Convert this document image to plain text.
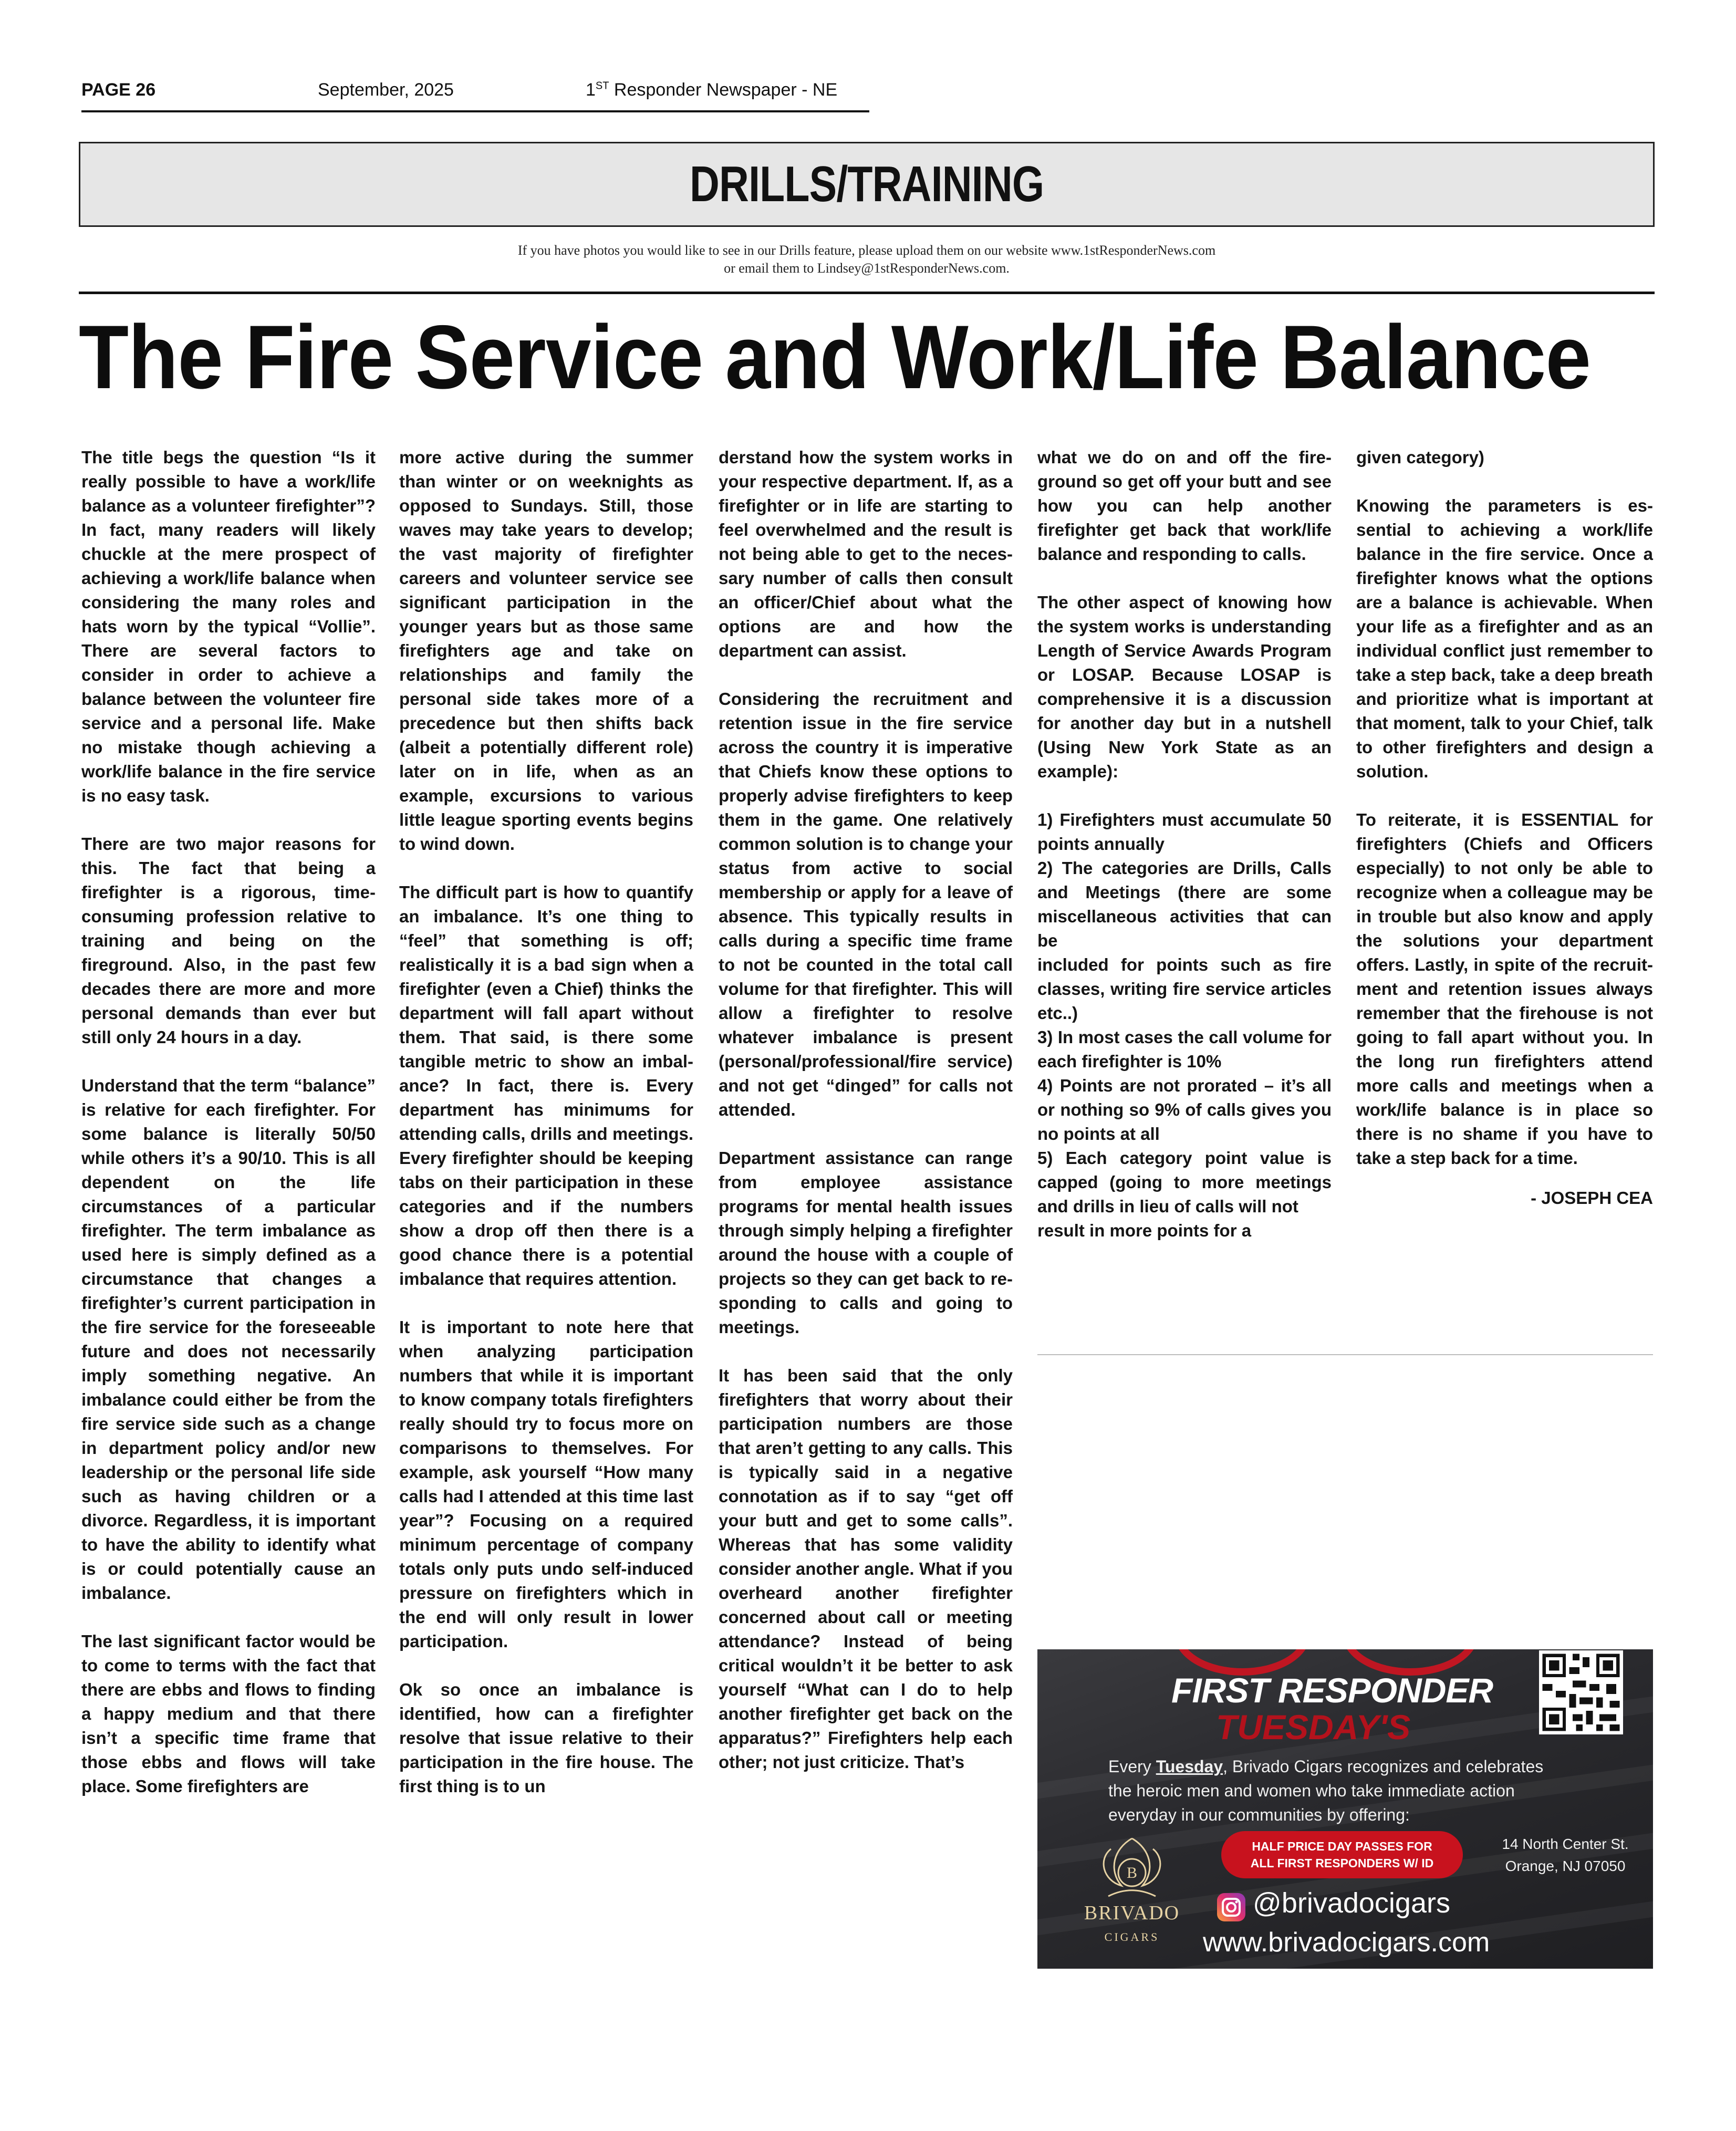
PAGE 26	September, 2025	1ST Responder Newspaper - NE
DRILLS/TRAINING
If you have photos you would like to see in our Drills feature, please upload them on our website www.1stResponderNews.com
or email them to Lindsey@1stResponderNews.com.
The Fire Service and Work/Life Balance

The title begs the question “Is it really possible to have a work/life balance as a volunteer firefighter”? In fact, many readers will likely chuckle at the mere prospect of achieving a work/life balance when considering the many roles and hats worn by the typical “Vollie”. There are several factors to consider in order to achieve a balance between the volunteer fire service and a personal life. Make no mistake though achieving a work/life balance in the fire service is no easy task.

There are two major reasons for this. The fact that being a firefighter is a rigorous, time-consuming profession relative to training and being on the fireground. Also, in the past few decades there are more and more personal demands than ever but still only 24 hours in a day.

Understand that the term “balance” is relative for each firefighter. For some balance is literally 50/50 while others it’s a 90/10. This is all dependent on the life circumstances of a particular firefighter. The term imbalance as used here is simply defined as a circumstance that changes a firefighter’s current participation in the fire service for the foreseeable future and does not necessarily imply something negative. An imbalance could either be from the fire service side such as a change in department policy and/or new leadership or the personal life side such as having children or a divorce. Regardless, it is important to have the ability to identify what is or could potentially cause an imbalance.

The last significant factor would be to come to terms with the fact that there are ebbs and flows to finding a happy medium and that there isn’t a specific time frame that those ebbs and flows will take place. Some firefighters are

more active during the summer than winter or on weeknights as opposed to Sundays. Still, those waves may take years to develop; the vast majority of firefighter careers and volunteer service see significant participation in the younger years but as those same firefighters age and take on relationships and family the personal side takes more of a precedence but then shifts back (albeit a potentially different role) later on in life, when as an example, excursions to various little league sporting events begins to wind down.

The difficult part is how to quantify an imbalance. It’s one thing to “feel” that something is off; realistically it is a bad sign when a firefighter (even a Chief) thinks the department will fall apart without them. That said, is there some tangible metric to show an imbalance? In fact, there is. Every department has minimums for attending calls, drills and meetings. Every firefighter should be keeping tabs on their participation in these categories and if the numbers show a drop off then there is a good chance there is a potential imbalance that requires attention.

It is important to note here that when analyzing participation numbers that while it is important to know company totals firefighters really should try to focus more on comparisons to themselves. For example, ask yourself “How many calls had I attended at this time last year”? Focusing on a required minimum percentage of company totals only puts undo self-induced pressure on firefighters which in the end will only result in lower participation.

Ok so once an imbalance is identified, how can a firefighter resolve that issue relative to their participation in the fire house. The first thing is to un

derstand how the system works in your respective department. If, as a firefighter or in life are starting to feel overwhelmed and the result is not being able to get to the necessary number of calls then consult an officer/Chief about what the options are and how the department can assist.

Considering the recruitment and retention issue in the fire service across the country it is imperative that Chiefs know these options to properly advise firefighters to keep them in the game. One relatively common solution is to change your status from active to social membership or apply for a leave of absence. This typically results in calls during a specific time frame to not be counted in the total call volume for that firefighter. This will allow a firefighter to resolve whatever imbalance is present (personal/professional/fire service) and not get “dinged” for calls not attended.

Department assistance can range from employee assistance programs for mental health issues through simply helping a firefighter around the house with a couple of projects so they can get back to responding to calls and going to meetings.

It has been said that the only firefighters that worry about their participation numbers are those that aren’t getting to any calls. This is typically said in a negative connotation as if to say “get off your butt and get to some calls”. Whereas that has some validity consider another angle. What if you overheard another firefighter concerned about call or meeting attendance? Instead of being critical wouldn’t it be better to ask yourself “What can I do to help another firefighter get back on the apparatus?” Firefighters help each other; not just criticize. That’s

what we do on and off the fireground so get off your butt and see how you can help another firefighter get back that work/life balance and responding to calls.

The other aspect of knowing how the system works is understanding Length of Service Awards Program or LOSAP. Because LOSAP is comprehensive it is a discussion for another day but in a nutshell (Using New York State as an example):

1) Firefighters must accumulate 50 points annually

2) The categories are Drills, Calls and Meetings (there are some miscellaneous activities that can be

included for points such as fire classes, writing fire service articles etc..)

3) In most cases the call volume for each firefighter is 10%

4) Points are not prorated – it’s all or nothing so 9% of calls gives you no points at all

5) Each category point value is capped (going to more meetings and drills in lieu of calls will not

result in more points for a

given category)

Knowing the parameters is essential to achieving a work/life balance in the fire service. Once a firefighter knows what the options are a balance is achievable. When your life as a firefighter and as an individual conflict just remember to take a step back, take a deep breath and prioritize what is important at that moment, talk to your Chief, talk to other firefighters and design a solution.

To reiterate, it is ESSENTIAL for firefighters (Chiefs and Officers especially) to not only be able to recognize when a colleague may be in trouble but also know and apply the solutions your department offers. Lastly, in spite of the recruitment and retention issues always remember that the firehouse is not going to fall apart without you. In the long run firefighters attend more calls and meetings when a work/life balance is in place so there is no shame if you have to take a step back for a time.

- JOSEPH CEA

FIRST RESPONDER
TUESDAY'S
Every Tuesday, Brivado Cigars recognizes and celebrates the heroic men and women who take immediate action everyday in our communities by offering:
HALF PRICE DAY PASSES FOR
ALL FIRST RESPONDERS W/ ID
14 North Center St.
Orange, NJ 07050
B
BRIVADO
CIGARS
@brivadocigars
www.brivadocigars.com
